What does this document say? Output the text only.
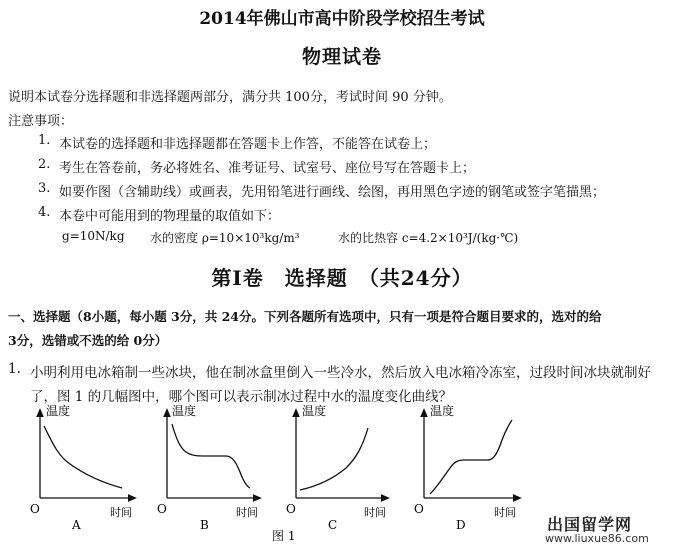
2014年佛山市高中阶段学校招生考试
物理试卷
说明本试卷分选择题和非选择题两部分，满分共 100分，考试时间 90 分钟。
注意事项：
1. 本试卷的选择题和非选择题都在答题卡上作答，不能答在试卷上；
2. 考生在答卷前，务必将姓名、准考证号、试室号、座位号写在答题卡上；
3. 如要作图（含辅助线）或画表，先用铅笔进行画线、绘图，再用黑色字迹的钢笔或签字笔描黑；
4. 本卷中可能用到的物理量的取值如下：
g=10N/kg 水的密度 ρ=10×10³kg/m³	水的比热容 c=4.2×10³J/(kg·℃)
第Ⅰ卷　选择题　（共24分）
一、选择题（8小题，每小题 3分，共 24分。下列各题所有选项中，只有一项是符合题目要求的，选对的给
3分，选错或不选的给 0分）
1. 小明利用电冰箱制一些冰块，他在制冰盒里倒入一些冷水，然后放入电冰箱冷冻室，过段时间冰块就制好
了，图 1 的几幅图中，哪个图可以表示制冰过程中水的温度变化曲线？
温度
O	时间
A
温度
O	时间
B
温度
O	时间
C
温度
O	时间
D
图 1
出国留学网
www.liuxue86.com
